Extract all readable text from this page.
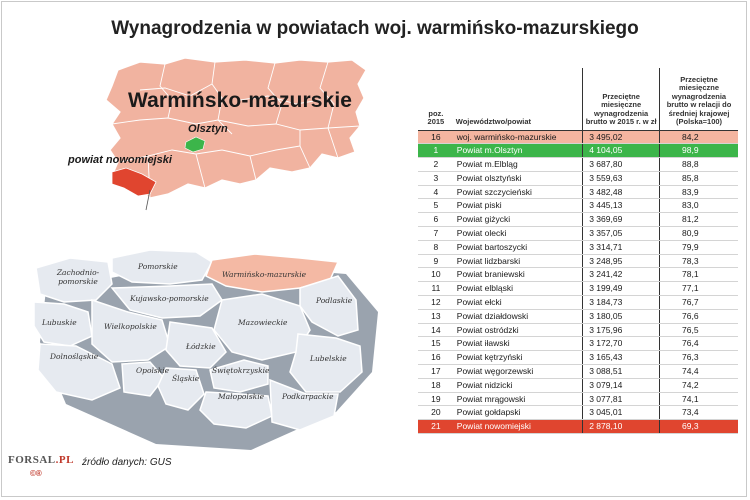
Wynagrodzenia w powiatach woj. warmińsko-mazurskiego
Warmińsko-mazurskie
Olsztyn
powiat nowomiejski
Zachodnio-pomorskie
Pomorskie
Warmińsko-mazurskie
Podlaskie
Kujawsko-pomorskie
Lubuskie	Wielkopolskie	Mazowieckie
Łódzkie
Dolnośląskie
Opolskie	Świętokrzyskie
Lubelskie
Śląskie
Małopolskie Podkarpackie
poz. 2015	Województwo/powiat	Przeciętne miesięczne wynagrodzenia brutto w 2015 r. w zł	Przeciętne miesięczne wynagrodzenia brutto w relacji do średniej krajowej (Polska=100)
16	woj. warmińsko-mazurskie	3 495,02	84,2
1	Powiat m.Olsztyn	4 104,05	98,9
2	Powiat m.Elbląg	3 687,80	88,8
3	Powiat olsztyński	3 559,63	85,8
4	Powiat szczycieński	3 482,48	83,9
5	Powiat piski	3 445,13	83,0
6	Powiat giżycki	3 369,69	81,2
7	Powiat olecki	3 357,05	80,9
8	Powiat bartoszycki	3 314,71	79,9
9	Powiat lidzbarski	3 248,95	78,3
10	Powiat braniewski	3 241,42	78,1
11	Powiat elbląski	3 199,49	77,1
12	Powiat ełcki	3 184,73	76,7
13	Powiat działdowski	3 180,05	76,6
14	Powiat ostródzki	3 175,96	76,5
15	Powiat iławski	3 172,70	76,4
16	Powiat kętrzyński	3 165,43	76,3
17	Powiat węgorzewski	3 088,51	74,4
18	Powiat nidzicki	3 079,14	74,2
19	Powiat mrągowski	3 077,81	74,1
20	Powiat gołdapski	3 045,01	73,4
21	Powiat nowomiejski	2 878,10	69,3
FORSAL.PL
©®
źródło danych: GUS
